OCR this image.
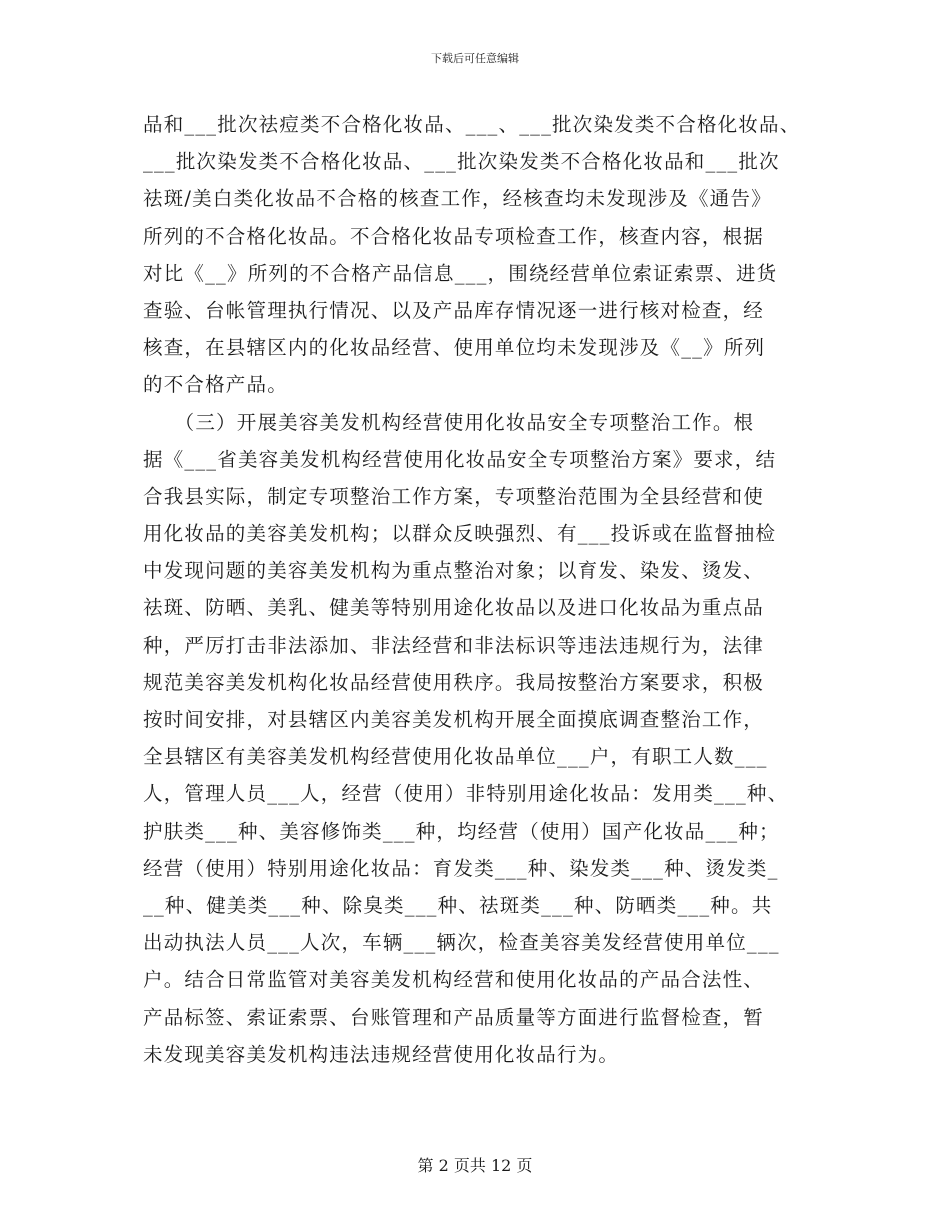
下载后可任意编辑
品和___批次祛痘类不合格化妆品、___、___批次染发类不合格化妆品、
___批次染发类不合格化妆品、___批次染发类不合格化妆品和___批次
祛斑/美白类化妆品不合格的核查工作，经核查均未发现涉及《通告》
所列的不合格化妆品。不合格化妆品专项检查工作，核查内容，根据
对比《__》所列的不合格产品信息___，围绕经营单位索证索票、进货
查验、台帐管理执行情况、以及产品库存情况逐一进行核对检查，经
核查，在县辖区内的化妆品经营、使用单位均未发现涉及《__》所列
的不合格产品。
　　（三）开展美容美发机构经营使用化妆品安全专项整治工作。根
据《___省美容美发机构经营使用化妆品安全专项整治方案》要求，结
合我县实际，制定专项整治工作方案，专项整治范围为全县经营和使
用化妆品的美容美发机构；以群众反映强烈、有___投诉或在监督抽检
中发现问题的美容美发机构为重点整治对象；以育发、染发、烫发、
祛斑、防晒、美乳、健美等特别用途化妆品以及进口化妆品为重点品
种，严厉打击非法添加、非法经营和非法标识等违法违规行为，法律
规范美容美发机构化妆品经营使用秩序。我局按整治方案要求，积极
按时间安排，对县辖区内美容美发机构开展全面摸底调查整治工作，
全县辖区有美容美发机构经营使用化妆品单位___户，有职工人数___
人，管理人员___人，经营（使用）非特别用途化妆品：发用类___种、
护肤类___种、美容修饰类___种，均经营（使用）国产化妆品___种；
经营（使用）特别用途化妆品：育发类___种、染发类___种、烫发类_
__种、健美类___种、除臭类___种、祛斑类___种、防晒类___种。共
出动执法人员___人次，车辆___辆次，检查美容美发经营使用单位___
户。结合日常监管对美容美发机构经营和使用化妆品的产品合法性、
产品标签、索证索票、台账管理和产品质量等方面进行监督检查，暂
未发现美容美发机构违法违规经营使用化妆品行为。
第 2 页共 12 页
